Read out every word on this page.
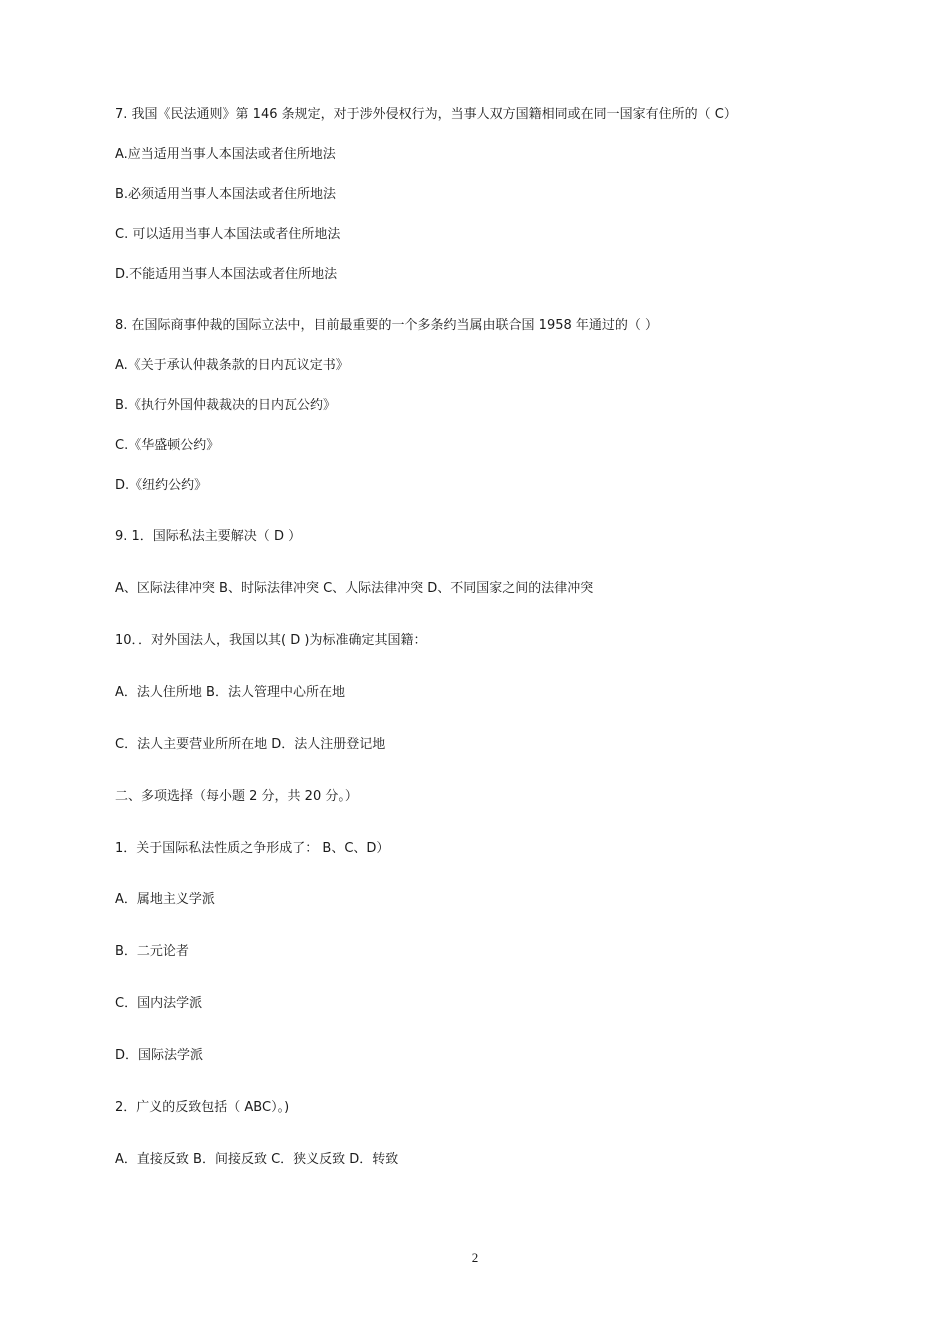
7. 我国《民法通则》第 146 条规定，对于涉外侵权行为，当事人双方国籍相同或在同一国家有住所的（ C）
A.应当适用当事人本国法或者住所地法
B.必须适用当事人本国法或者住所地法
C. 可以适用当事人本国法或者住所地法
D.不能适用当事人本国法或者住所地法
8. 在国际商事仲裁的国际立法中，目前最重要的一个多条约当属由联合国 1958 年通过的（ ）
A.《关于承认仲裁条款的日内瓦议定书》
B.《执行外国仲裁裁决的日内瓦公约》
C.《华盛顿公约》
D.《纽约公约》
9. 1．国际私法主要解决（ D ）
A、区际法律冲突 B、时际法律冲突 C、人际法律冲突 D、不同国家之间的法律冲突
10．．对外国法人，我国以其( D )为标准确定其国籍：
A．法人住所地 B．法人管理中心所在地
C．法人主要营业所所在地 D．法人注册登记地
二、多项选择（每小题 2 分，共 20 分。）
1．关于国际私法性质之争形成了： B、C、D）
A．属地主义学派
B．二元论者
C．国内法学派
D．国际法学派
2．广义的反致包括（ ABC）。)
A．直接反致 B．间接反致 C．狭义反致 D．转致
2
